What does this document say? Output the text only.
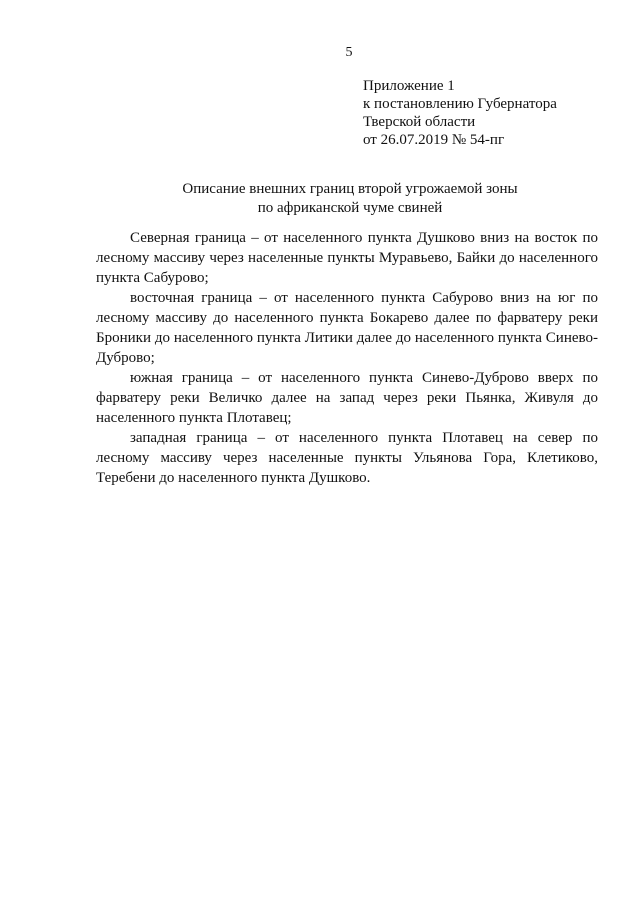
5
Приложение 1
к постановлению Губернатора
Тверской области
от 26.07.2019 № 54-пг
Описание внешних границ второй угрожаемой зоны
по африканской чуме свиней

Северная граница – от населенного пункта Душково вниз на восток по лесному массиву через населенные пункты Муравьево, Байки до населенного пункта Сабурово;

восточная граница – от населенного пункта Сабурово вниз на юг по лесному массиву до населенного пункта Бокарево далее по фарватеру реки Броники до населенного пункта Литики далее до населенного пункта Синево-Дуброво;

южная граница – от населенного пункта Синево-Дуброво вверх по фарватеру реки Величко далее на запад через реки Пьянка, Живуля до населенного пункта Плотавец;

западная граница – от населенного пункта Плотавец на север по лесному массиву через населенные пункты Ульянова Гора, Клетиково, Теребени до населенного пункта Душково.
